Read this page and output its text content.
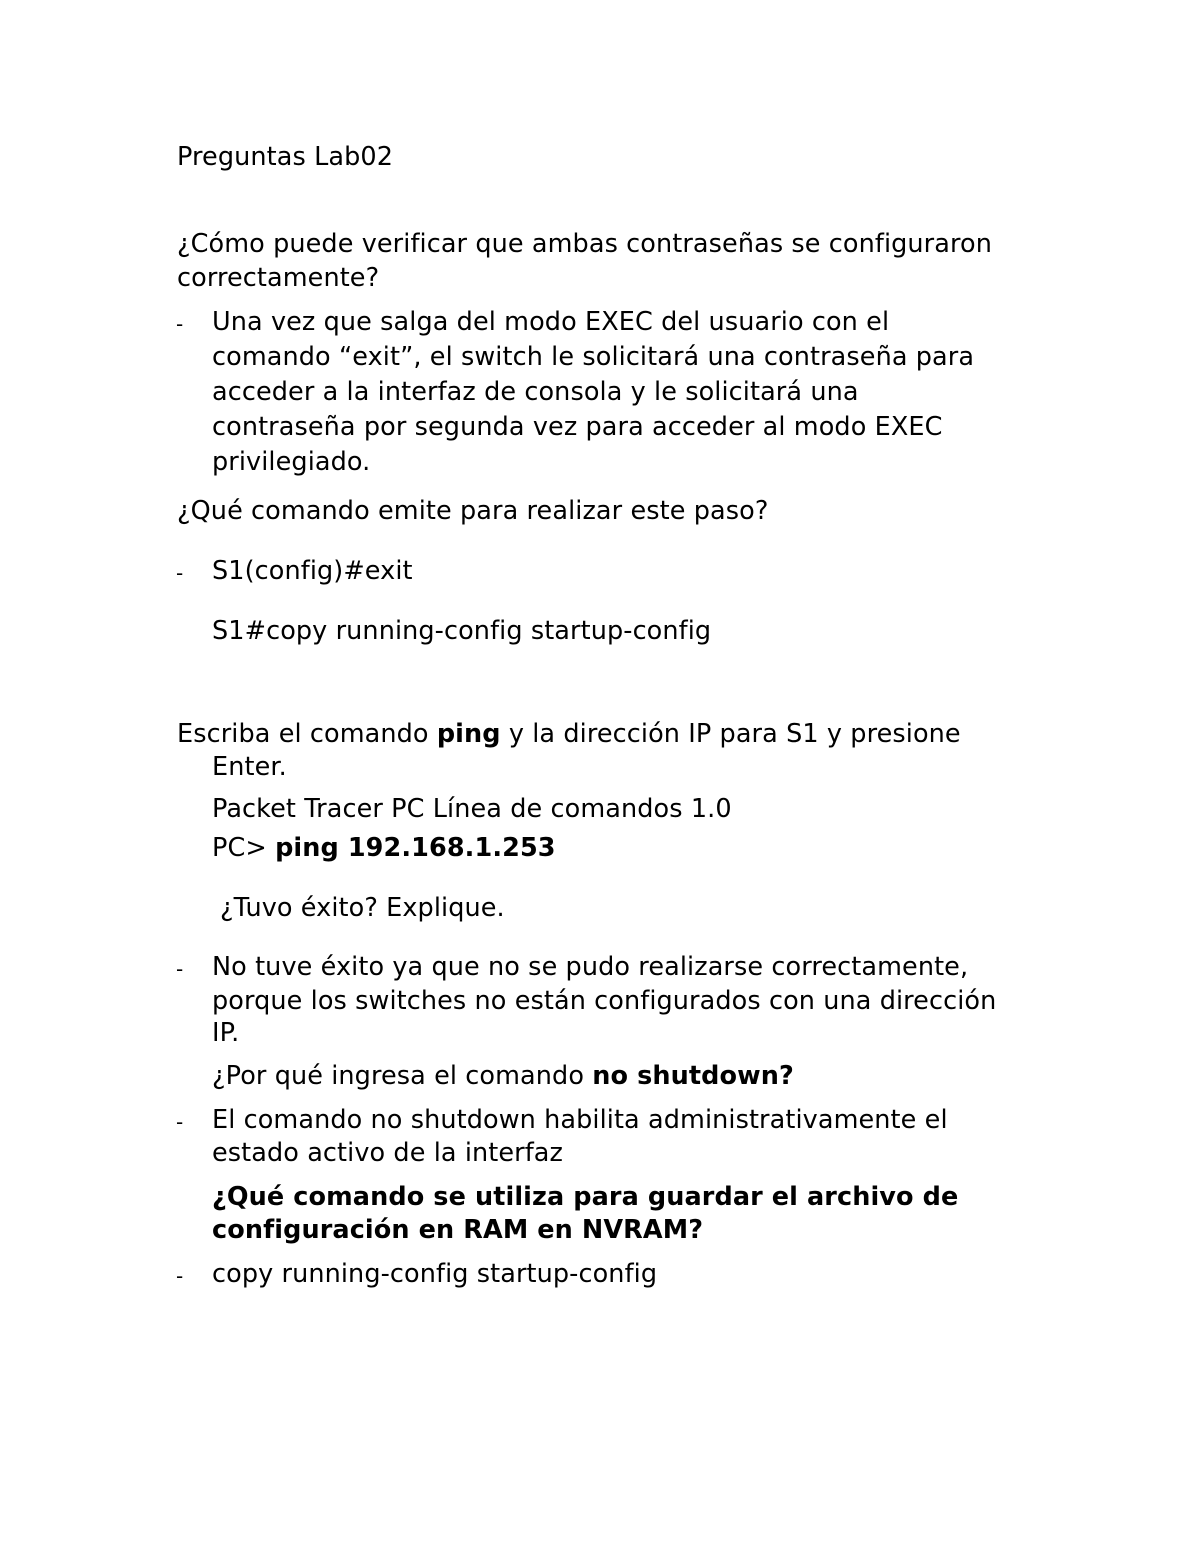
Preguntas Lab02
¿Cómo puede verificar que ambas contraseñas se configuraron
correctamente?
- Una vez que salga del modo EXEC del usuario con el
comando “exit”, el switch le solicitará una contraseña para
acceder a la interfaz de consola y le solicitará una
contraseña por segunda vez para acceder al modo EXEC
privilegiado.
¿Qué comando emite para realizar este paso?
- S1(config)#exit
S1#copy running-config startup-config
Escriba el comando ping y la dirección IP para S1 y presione
Enter.
Packet Tracer PC Línea de comandos 1.0
PC> ping 192.168.1.253
¿Tuvo éxito? Explique.
- No tuve éxito ya que no se pudo realizarse correctamente,
porque los switches no están configurados con una dirección
IP.
¿Por qué ingresa el comando no shutdown?
- El comando no shutdown habilita administrativamente el
estado activo de la interfaz
¿Qué comando se utiliza para guardar el archivo de
configuración en RAM en NVRAM?
- copy running-config startup-config
